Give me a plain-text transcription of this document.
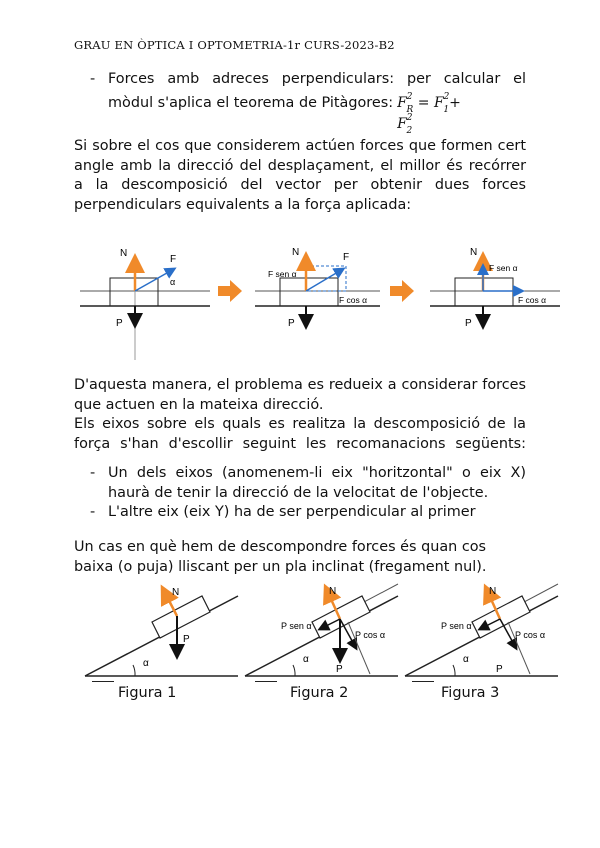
GRAU EN ÒPTICA I OPTOMETRIA-1r CURS-2023-B2
- Forces amb adreces perpendiculars: per calcular el
mòdul s'aplica el teorema de Pitàgores: $F^2_R = F^2_1+ F^2_2$
Si sobre el cos que considerem actúen forces que formen cert
angle amb la direcció del desplaçament, el millor és recórrer
a la descomposició del vector per obtenir dues forces
perpendiculars equivalents a la força aplicada:
N
F
α
P
N	F
F sen α
F cos α
P
N
F sen α
F cos α
P
D'aquesta manera, el problema es redueix a considerar forces
que actuen en la mateixa direcció.
Els eixos sobre els quals es realitza la descomposició de la
força s'han d'escollir seguint les recomanacions següents:
- Un dels eixos (anomenem-li eix "horitzontal" o eix X)
haurà de tenir la direcció de la velocitat de l'objecte.
- L'altre eix (eix Y) ha de ser perpendicular al primer
Un cas en què hem de descompondre forces és quan cos
baixa (o puja) lliscant per un pla inclinat (fregament nul).
N
P
α
N
P sen α
P cos α
P
α
N
P sen α
P cos α
P
α
Figura 1	Figura 2	Figura 3
